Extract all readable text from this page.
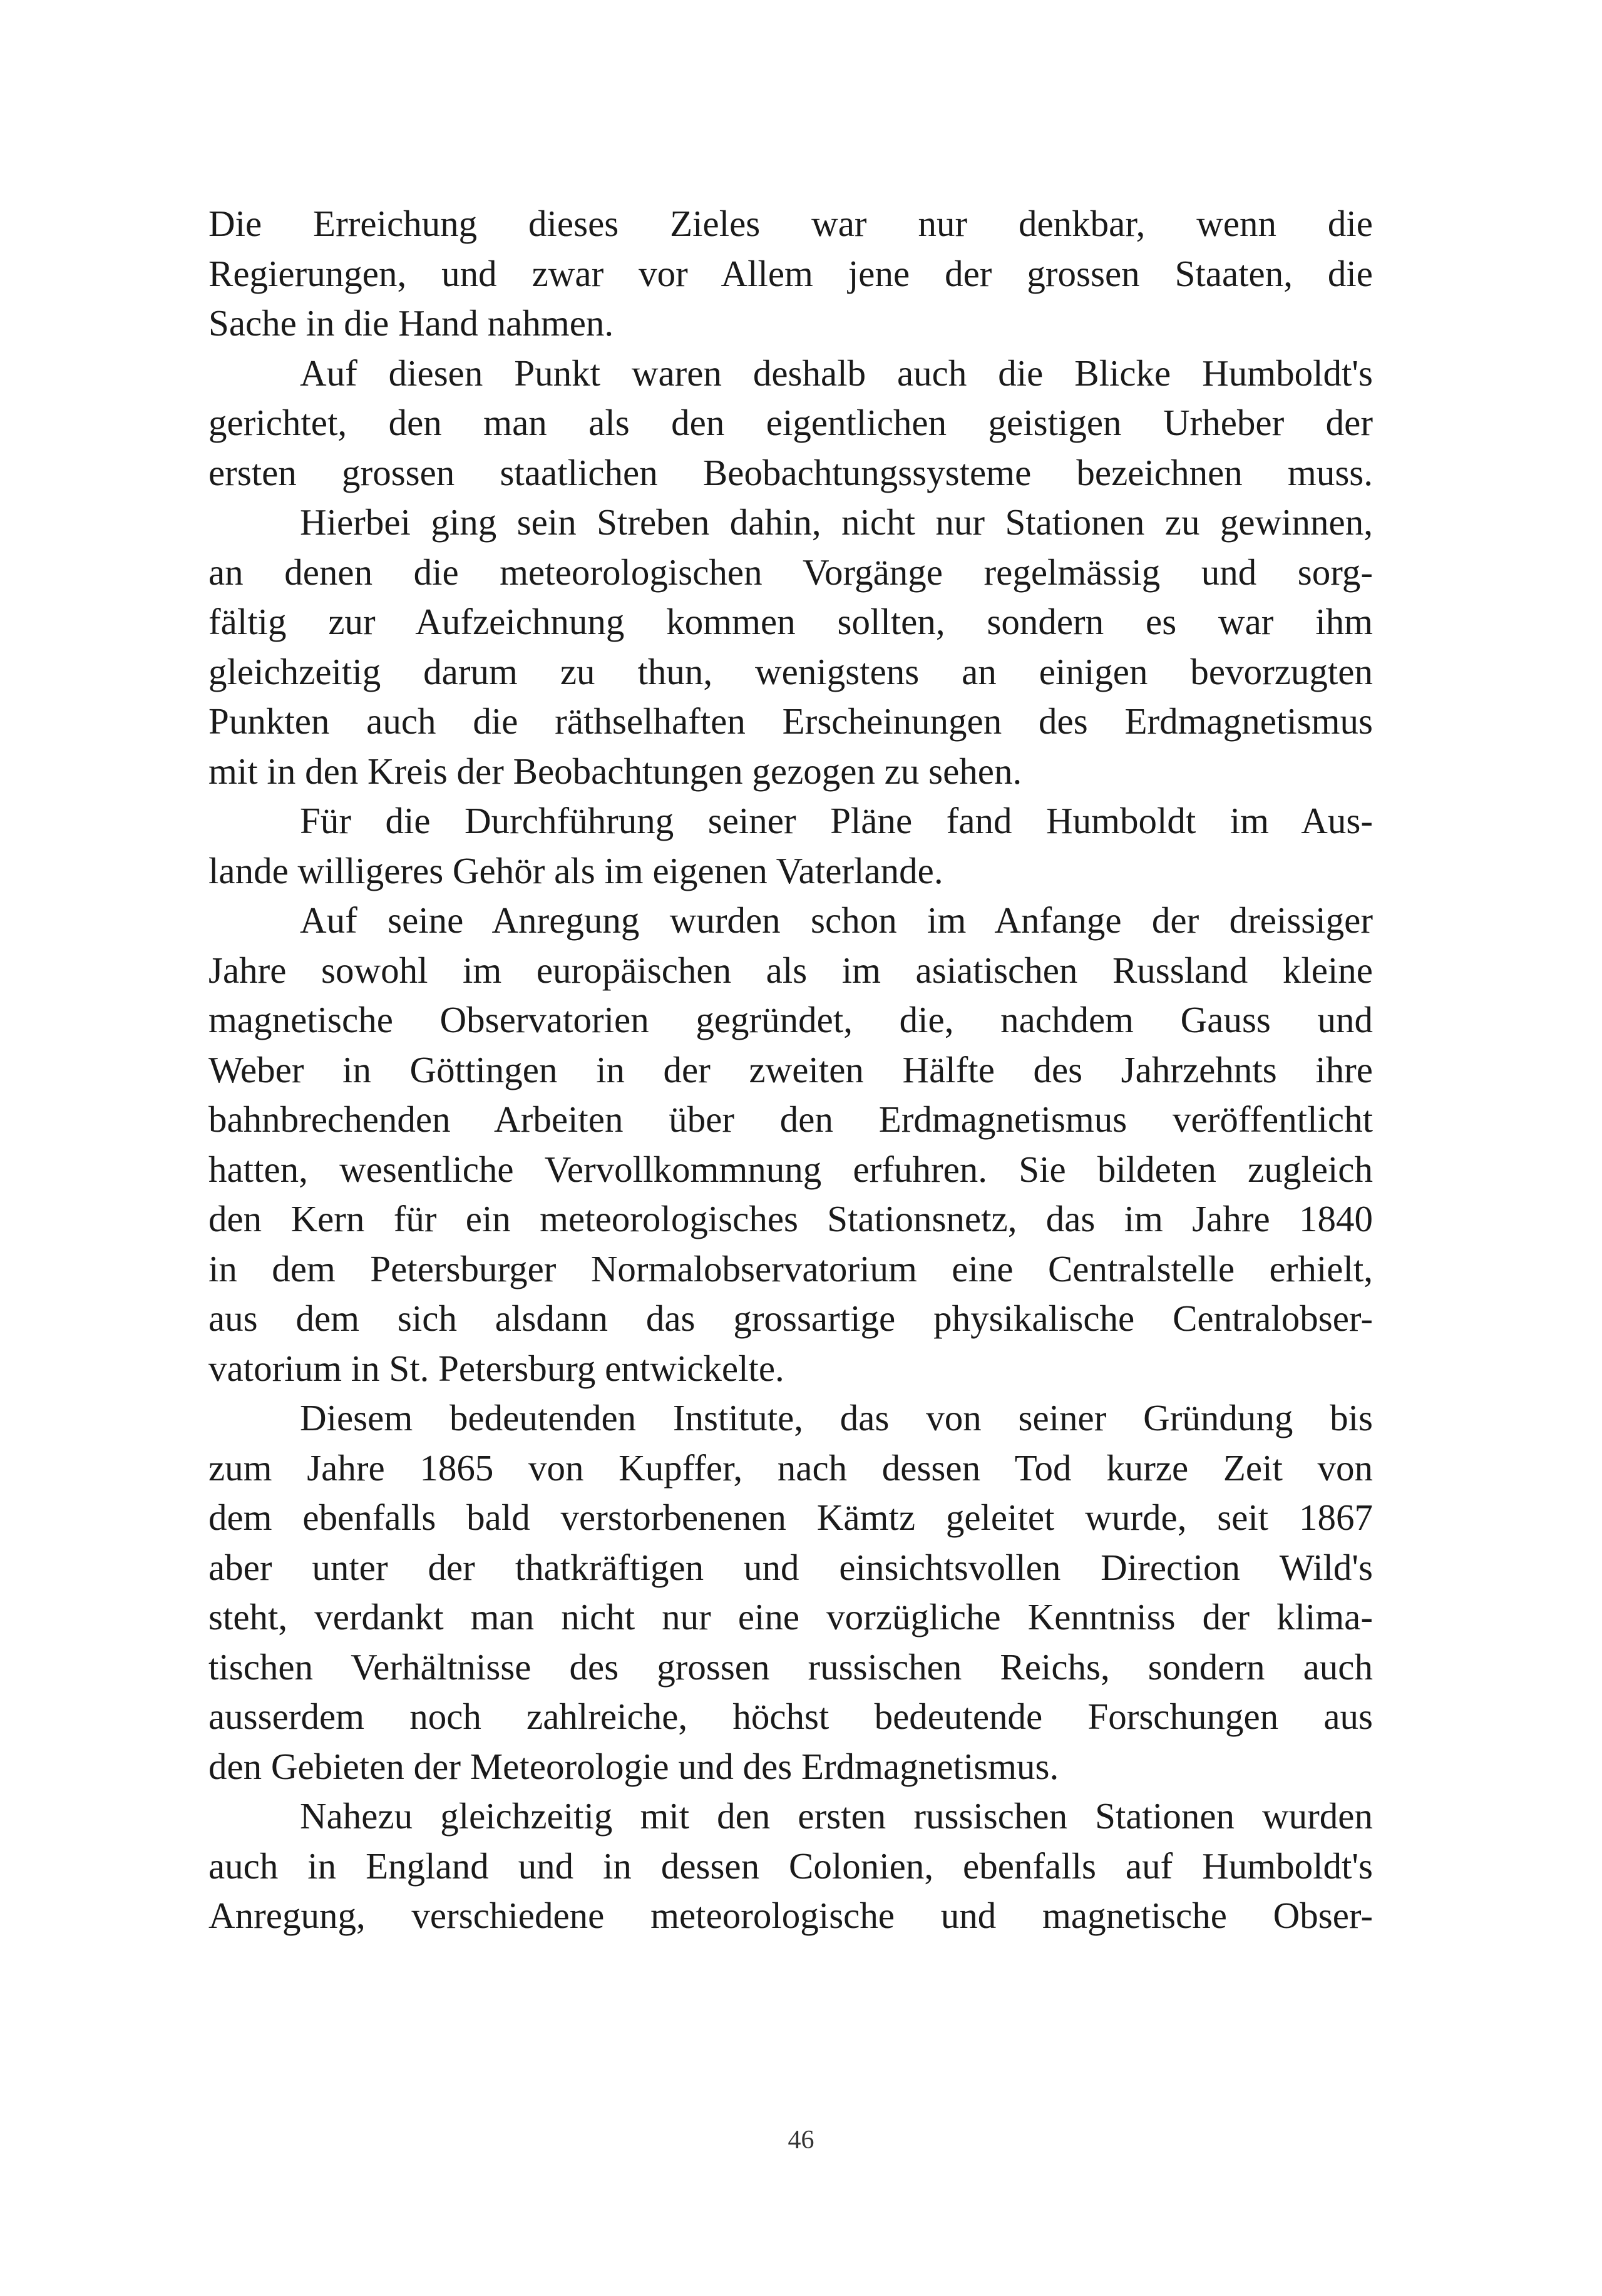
Die Erreichung dieses Zieles war nur denkbar, wenn die
Regierungen, und zwar vor Allem jene der grossen Staaten, die
Sache in die Hand nahmen.
Auf diesen Punkt waren deshalb auch die Blicke Humboldt's
gerichtet, den man als den eigentlichen geistigen Urheber der
ersten grossen staatlichen Beobachtungssysteme bezeichnen muss.
Hierbei ging sein Streben dahin, nicht nur Stationen zu gewinnen,
an denen die meteorologischen Vorgänge regelmässig und sorg-
fältig zur Aufzeichnung kommen sollten, sondern es war ihm
gleichzeitig darum zu thun, wenigstens an einigen bevorzugten
Punkten auch die räthselhaften Erscheinungen des Erdmagnetismus
mit in den Kreis der Beobachtungen gezogen zu sehen.
Für die Durchführung seiner Pläne fand Humboldt im Aus-
lande willigeres Gehör als im eigenen Vaterlande.
Auf seine Anregung wurden schon im Anfange der dreissiger
Jahre sowohl im europäischen als im asiatischen Russland kleine
magnetische Observatorien gegründet, die, nachdem Gauss und
Weber in Göttingen in der zweiten Hälfte des Jahrzehnts ihre
bahnbrechenden Arbeiten über den Erdmagnetismus veröffentlicht
hatten, wesentliche Vervollkommnung erfuhren. Sie bildeten zugleich
den Kern für ein meteorologisches Stationsnetz, das im Jahre 1840
in dem Petersburger Normalobservatorium eine Centralstelle erhielt,
aus dem sich alsdann das grossartige physikalische Centralobser-
vatorium in St. Petersburg entwickelte.
Diesem bedeutenden Institute, das von seiner Gründung bis
zum Jahre 1865 von Kupffer, nach dessen Tod kurze Zeit von
dem ebenfalls bald verstorbenenen Kämtz geleitet wurde, seit 1867
aber unter der thatkräftigen und einsichtsvollen Direction Wild's
steht, verdankt man nicht nur eine vorzügliche Kenntniss der klima-
tischen Verhältnisse des grossen russischen Reichs, sondern auch
ausserdem noch zahlreiche, höchst bedeutende Forschungen aus
den Gebieten der Meteorologie und des Erdmagnetismus.
Nahezu gleichzeitig mit den ersten russischen Stationen wurden
auch in England und in dessen Colonien, ebenfalls auf Humboldt's
Anregung, verschiedene meteorologische und magnetische Obser-
46
